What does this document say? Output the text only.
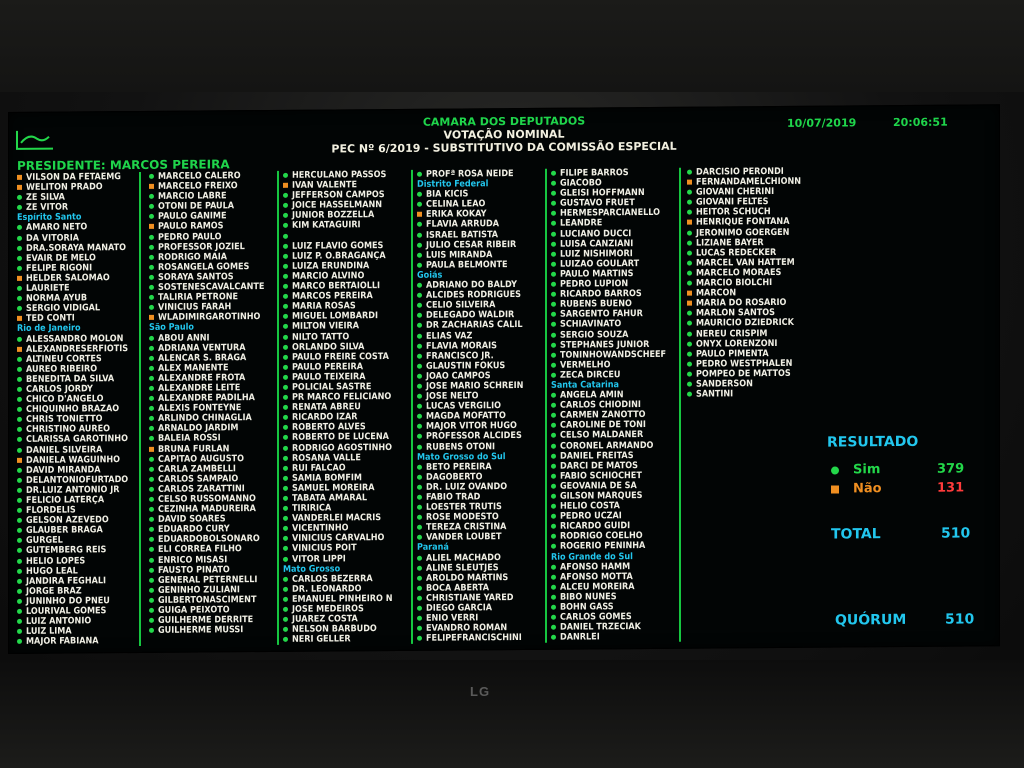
LG
CAMARA DOS DEPUTADOS
VOTAÇÃO NOMINAL
PEC Nº 6/2019 - SUBSTITUTIVO DA COMISSÃO ESPECIAL
10/07/2019	20:06:51
PRESIDENTE: MARCOS PEREIRA
VILSON DA FETAEMG
WELITON PRADO
ZÉ SILVA
ZÉ VITOR
Espírito Santo
AMARO NETO
DA VITÓRIA
DRA.SORAYA MANATO
EVAIR DE MELO
FELIPE RIGONI
HELDER SALOMÃO
LAURIETE
NORMA AYUB
SERGIO VIDIGAL
TED CONTI
Rio de Janeiro
ALESSANDRO MOLON
ALEXANDRESERFIOTIS
ALTINEU CÔRTES
AUREO RIBEIRO
BENEDITA DA SILVA
CARLOS JORDY
CHICO D'ANGELO
CHIQUINHO BRAZÃO
CHRIS TONIETTO
CHRISTINO AUREO
CLARISSA GAROTINHO
DANIEL SILVEIRA
DANIELA WAGUINHO
DAVID MIRANDA
DELANTÔNIOFURTADO
DR.LUIZ ANTONIO JR
FELÍCIO LATERÇA
FLORDELIS
GELSON AZEVEDO
GLAUBER BRAGA
GURGEL
GUTEMBERG REIS
HELIO LOPES
HUGO LEAL
JANDIRA FEGHALI
JORGE BRAZ
JUNINHO DO PNEU
LOURIVAL GOMES
LUIZ ANTÔNIO
LUIZ LIMA
MAJOR FABIANA
MARCELO CALERO
MARCELO FREIXO
MÁRCIO LABRE
OTONI DE PAULA
PAULO GANIME
PAULO RAMOS
PEDRO PAULO
PROFESSOR JOZIEL
RODRIGO MAIA
ROSANGELA GOMES
SORAYA SANTOS
SÓSTENESCAVALCANTE
TALÍRIA PETRONE
VINICIUS FARAH
WLADIMIRGAROTINHO
São Paulo
ABOU ANNI
ADRIANA VENTURA
ALENCAR S. BRAGA
ALEX MANENTE
ALEXANDRE FROTA
ALEXANDRE LEITE
ALEXANDRE PADILHA
ALEXIS FONTEYNE
ARLINDO CHINAGLIA
ARNALDO JARDIM
BALEIA ROSSI
BRUNA FURLAN
CAPITÃO AUGUSTO
CARLA ZAMBELLI
CARLOS SAMPAIO
CARLOS ZARATTINI
CELSO RUSSOMANNO
CEZINHA MADUREIRA
DAVID SOARES
EDUARDO CURY
EDUARDOBOLSONARO
ELI CORRÊA FILHO
ENRICO MISASI
FAUSTO PINATO
GENERAL PETERNELLI
GENINHO ZULIANI
GILBERTONASCIMENT
GUIGA PEIXOTO
GUILHERME DERRITE
GUILHERME MUSSI
HERCULANO PASSOS
IVAN VALENTE
JEFFERSON CAMPOS
JOICE HASSELMANN
JÚNIOR BOZZELLA
KIM KATAGUIRI
LUIZ FLÁVIO GOMES
LUIZ P. O.BRAGANÇA
LUIZA ERUNDINA
MARCIO ALVINO
MARCO BERTAIOLLI
MARCOS PEREIRA
MARIA ROSAS
MIGUEL LOMBARDI
MILTON VIEIRA
NILTO TATTO
ORLANDO SILVA
PAULO FREIRE COSTA
PAULO PEREIRA
PAULO TEIXEIRA
POLICIAL SASTRE
PR MARCO FELICIANO
RENATA ABREU
RICARDO IZAR
ROBERTO ALVES
ROBERTO DE LUCENA
RODRIGO AGOSTINHO
ROSANA VALLE
RUI FALCÃO
SÂMIA BOMFIM
SAMUEL MOREIRA
TABATA AMARAL
TIRIRICA
VANDERLEI MACRIS
VICENTINHO
VINICIUS CARVALHO
VINICIUS POIT
VITOR LIPPI
Mato Grosso
CARLOS BEZERRA
DR. LEONARDO
EMANUEL PINHEIRO N
JOSÉ MEDEIROS
JUAREZ COSTA
NELSON BARBUDO
NERI GELLER
PROFª ROSA NEIDE
Distrito Federal
BIA KICIS
CELINA LEÃO
ERIKA KOKAY
FLÁVIA ARRUDA
ISRAEL BATISTA
JULIO CESAR RIBEIR
LUIS MIRANDA
PAULA BELMONTE
Goiás
ADRIANO DO BALDY
ALCIDES RODRIGUES
CÉLIO SILVEIRA
DELEGADO WALDIR
DR ZACHARIAS CALIL
ELIAS VAZ
FLÁVIA MORAIS
FRANCISCO JR.
GLAUSTIN FOKUS
JOÃO CAMPOS
JOSÉ MARIO SCHREIN
JOSÉ NELTO
LUCAS VERGILIO
MAGDA MOFATTO
MAJOR VITOR HUGO
PROFESSOR ALCIDES
RUBENS OTONI
Mato Grosso do Sul
BETO PEREIRA
DAGOBERTO
DR. LUIZ OVANDO
FÁBIO TRAD
LOESTER TRUTIS
ROSE MODESTO
TEREZA CRISTINA
VANDER LOUBET
Paraná
ALIEL MACHADO
ALINE SLEUTJES
AROLDO MARTINS
BOCA ABERTA
CHRISTIANE YARED
DIEGO GARCIA
ENIO VERRI
EVANDRO ROMAN
FELIPEFRANCISCHINI
FILIPE BARROS
GIACOBO
GLEISI HOFFMANN
GUSTAVO FRUET
HERMESPARCIANELLO
LEANDRE
LUCIANO DUCCI
LUISA CANZIANI
LUIZ NISHIMORI
LUIZÃO GOULART
PAULO MARTINS
PEDRO LUPION
RICARDO BARROS
RUBENS BUENO
SARGENTO FAHUR
SCHIAVINATO
SERGIO SOUZA
STEPHANES JUNIOR
TONINHOWANDSCHEEF
VERMELHO
ZECA DIRCEU
Santa Catarina
ANGELA AMIN
CARLOS CHIODINI
CARMEN ZANOTTO
CAROLINE DE TONI
CELSO MALDANER
CORONEL ARMANDO
DANIEL FREITAS
DARCI DE MATOS
FABIO SCHIOCHET
GEOVANIA DE SÁ
GILSON MARQUES
HÉLIO COSTA
PEDRO UCZAI
RICARDO GUIDI
RODRIGO COELHO
ROGÉRIO PENINHA
Rio Grande do Sul
AFONSO HAMM
AFONSO MOTTA
ALCEU MOREIRA
BIBO NUNES
BOHN GASS
CARLOS GOMES
DANIEL TRZECIAK
DANRLEI
DARCÍSIO PERONDI
FERNANDAMELCHIONN
GIOVANI CHERINI
GIOVANI FELTES
HEITOR SCHUCH
HENRIQUE FONTANA
JERÔNIMO GOERGEN
LIZIANE BAYER
LUCAS REDECKER
MARCEL VAN HATTEM
MARCELO MORAES
MÁRCIO BIOLCHI
MARCON
MARIA DO ROSÁRIO
MARLON SANTOS
MAURÍCIO DZIEDRICK
NEREU CRISPIM
ONYX LORENZONI
PAULO PIMENTA
PEDRO WESTPHALEN
POMPEO DE MATTOS
SANDERSON
SANTINI
RESULTADO
Sim	379
Não	131
TOTAL	510
QUÓRUM	510
